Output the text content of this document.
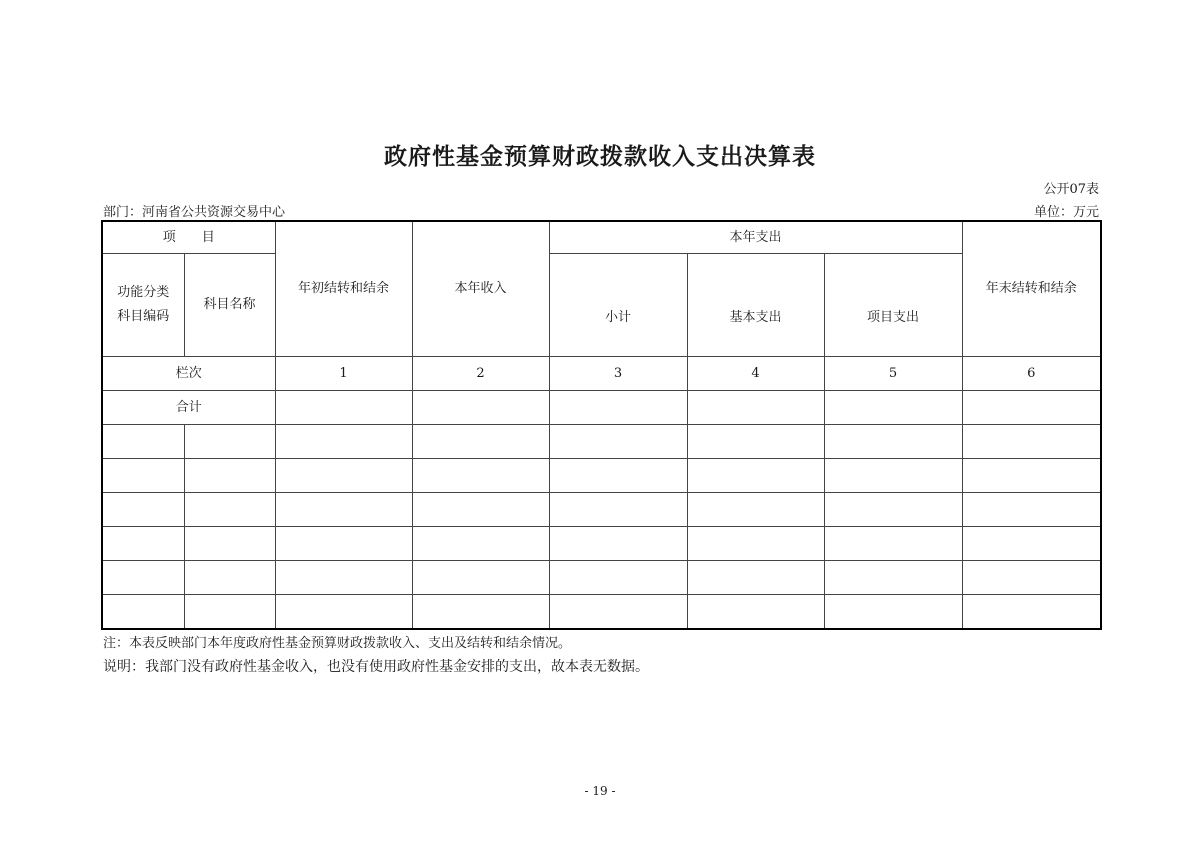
政府性基金预算财政拨款收入支出决算表
公开07表
部门：河南省公共资源交易中心	单位：万元
项　　目		年初结转和结余	本年收入	本年支出			年末结转和结余

功能分类科目编码	科目名称			小计	基本支出	项目支出	

栏次		1	2	3	4	5	6
合计							

注：本表反映部门本年度政府性基金预算财政拨款收入、支出及结转和结余情况。
说明：我部门没有政府性基金收入，也没有使用政府性基金安排的支出，故本表无数据。
- 19 -
